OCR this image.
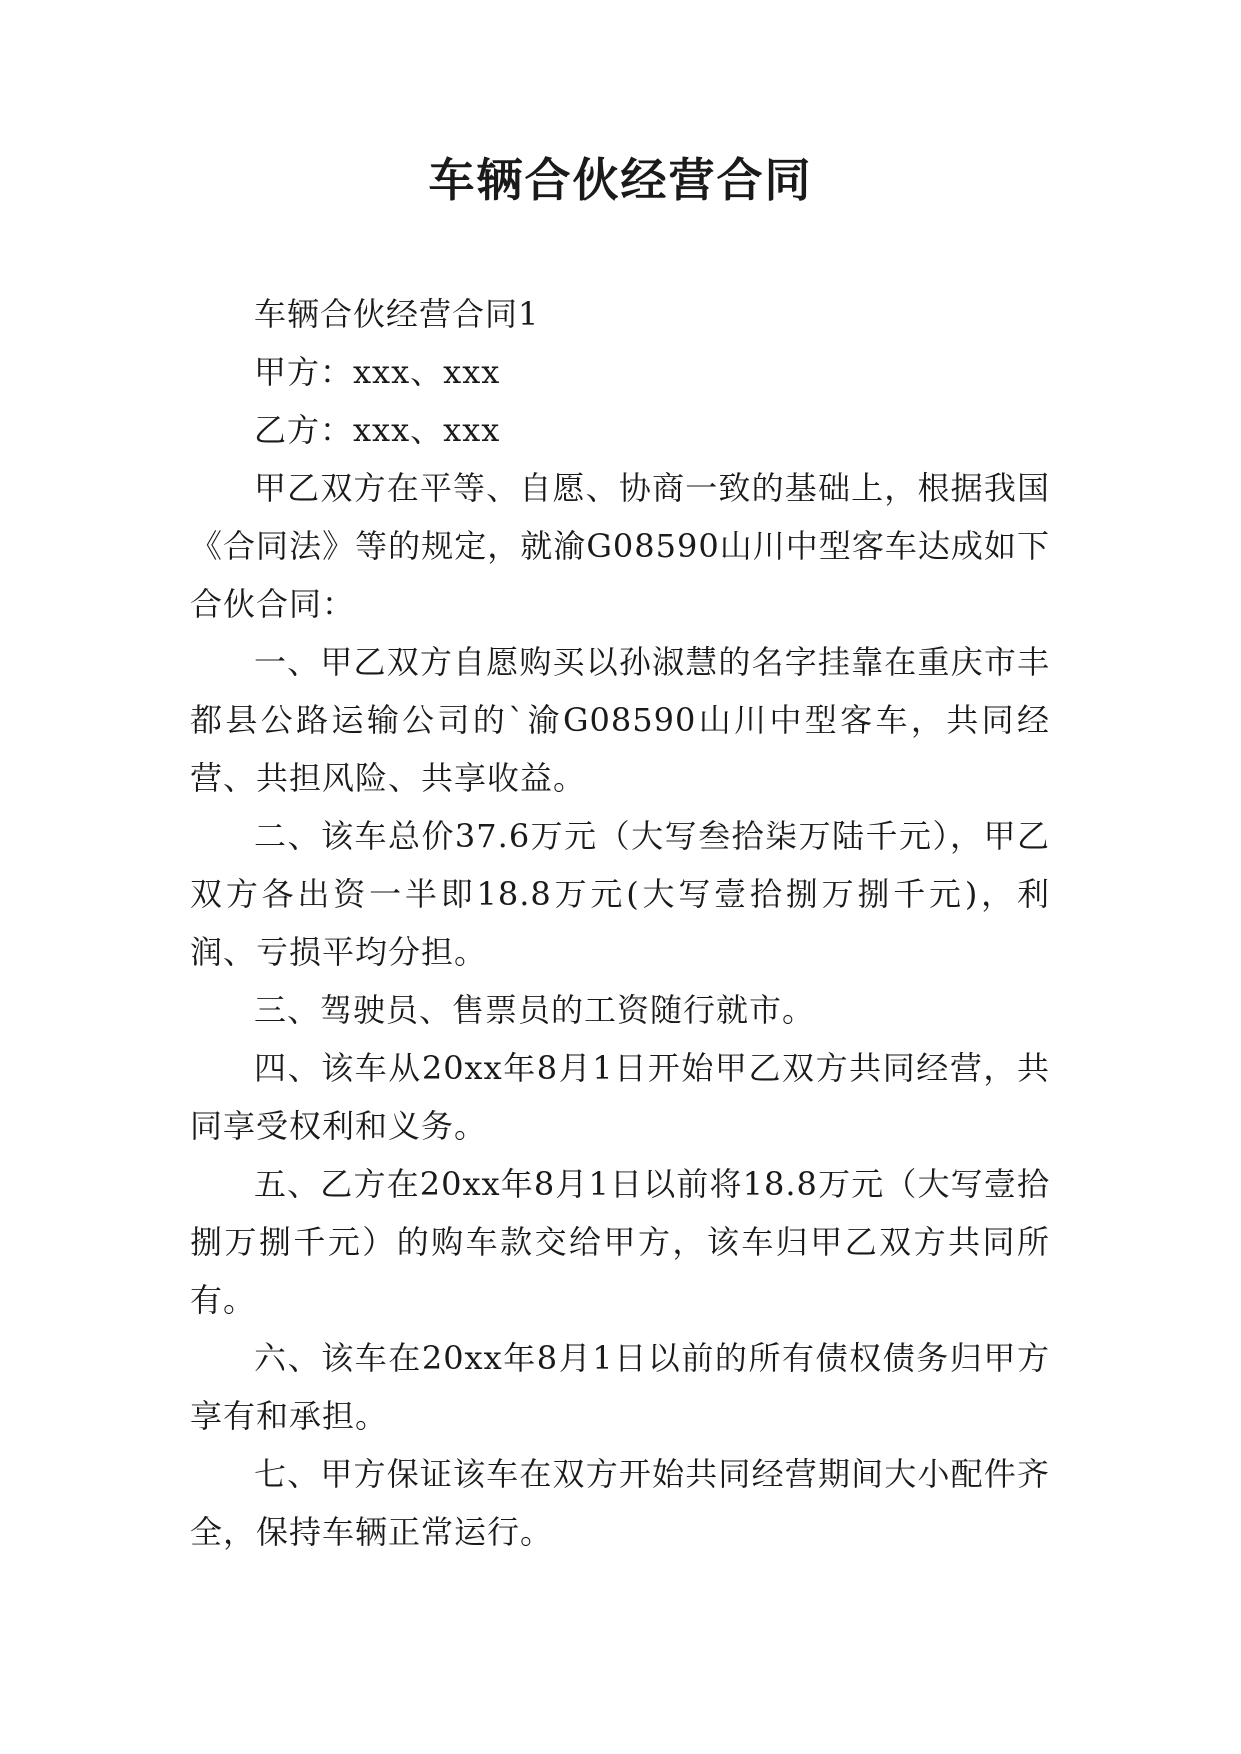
车辆合伙经营合同

车辆合伙经营合同1

甲方：xxx、xxx

乙方：xxx、xxx

甲乙双方在平等、自愿、协商一致的基础上，根据我国《合同法》等的规定，就渝G08590山川中型客车达成如下合伙合同：

一、甲乙双方自愿购买以孙淑慧的名字挂靠在重庆市丰都县公路运输公司的`渝G08590山川中型客车，共同经营、共担风险、共享收益。

二、该车总价37.6万元（大写叁拾柒万陆千元），甲乙双方各出资一半即18.8万元(大写壹拾捌万捌千元)，利润、亏损平均分担。

三、驾驶员、售票员的工资随行就市。

四、该车从20xx年8月1日开始甲乙双方共同经营，共同享受权利和义务。

五、乙方在20xx年8月1日以前将18.8万元（大写壹拾捌万捌千元）的购车款交给甲方，该车归甲乙双方共同所有。

六、该车在20xx年8月1日以前的所有债权债务归甲方享有和承担。

七、甲方保证该车在双方开始共同经营期间大小配件齐全，保持车辆正常运行。
